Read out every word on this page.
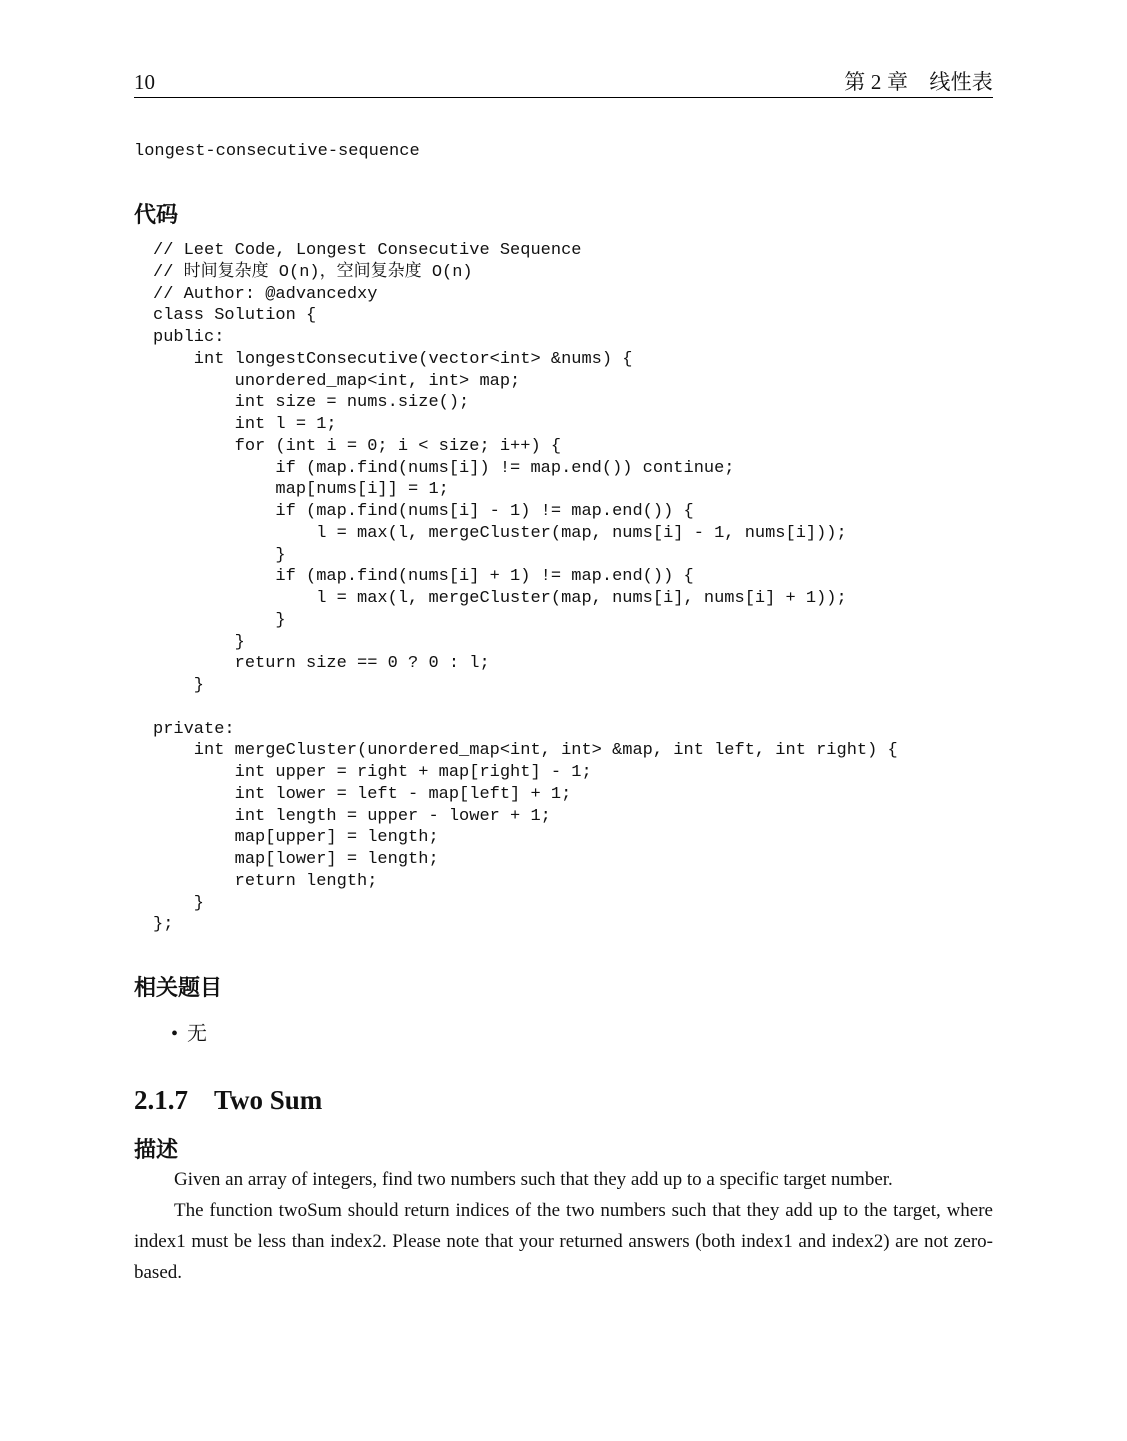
10	第 2 章　线性表
longest-consecutive-sequence
代码
// Leet Code, Longest Consecutive Sequence
// 时间复杂度 O(n)，空间复杂度 O(n)
// Author: @advancedxy
class Solution {
public:
int longestConsecutive(vector<int> &nums) {
unordered_map<int, int> map;
int size = nums.size();
int l = 1;
for (int i = 0; i < size; i++) {
if (map.find(nums[i]) != map.end()) continue;
map[nums[i]] = 1;
if (map.find(nums[i] - 1) != map.end()) {
l = max(l, mergeCluster(map, nums[i] - 1, nums[i]));
}
if (map.find(nums[i] + 1) != map.end()) {
l = max(l, mergeCluster(map, nums[i], nums[i] + 1));
}
}
return size == 0 ? 0 : l;
}
private:
int mergeCluster(unordered_map<int, int> &map, int left, int right) {
int upper = right + map[right] - 1;
int lower = left - map[left] + 1;
int length = upper - lower + 1;
map[upper] = length;
map[lower] = length;
return length;
}
};
相关题目
• 无
2.1.7 Two Sum
描述

Given an array of integers, find two numbers such that they add up to a specific target number.

The function twoSum should return indices of the two numbers such that they add up to the target, where index1 must be less than index2. Please note that your returned answers (both index1 and index2) are not zero-based.
